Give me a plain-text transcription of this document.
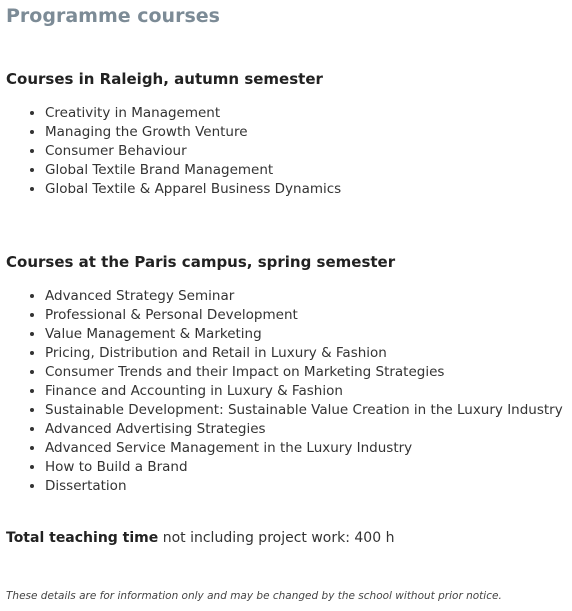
Programme courses
Courses in Raleigh, autumn semester
• Creativity in Management
• Managing the Growth Venture
• Consumer Behaviour
• Global Textile Brand Management
• Global Textile & Apparel Business Dynamics
Courses at the Paris campus, spring semester
• Advanced Strategy Seminar
• Professional & Personal Development
• Value Management & Marketing
• Pricing, Distribution and Retail in Luxury & Fashion
• Consumer Trends and their Impact on Marketing Strategies
• Finance and Accounting in Luxury & Fashion
• Sustainable Development: Sustainable Value Creation in the Luxury Industry
• Advanced Advertising Strategies
• Advanced Service Management in the Luxury Industry
• How to Build a Brand
• Dissertation

Total teaching time not including project work: 400 h

These details are for information only and may be changed by the school without prior notice.
